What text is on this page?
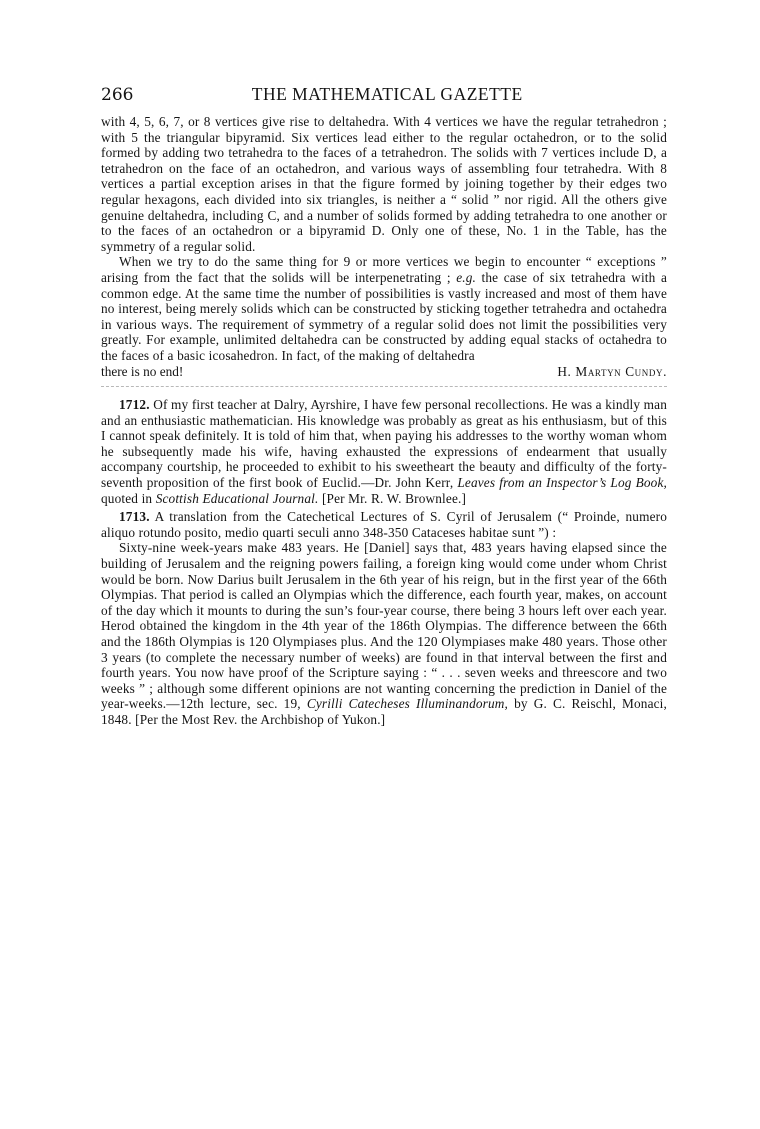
266	THE MATHEMATICAL GAZETTE

with 4, 5, 6, 7, or 8 vertices give rise to deltahedra. With 4 vertices we have the regular tetrahedron ; with 5 the triangular bipyramid. Six vertices lead either to the regular octahedron, or to the solid formed by adding two tetrahedra to the faces of a tetrahedron. The solids with 7 vertices include D, a tetrahedron on the face of an octahedron, and various ways of assembling four tetrahedra. With 8 vertices a partial exception arises in that the figure formed by joining together by their edges two regular hexagons, each divided into six triangles, is neither a “ solid ” nor rigid. All the others give genuine deltahedra, including C, and a number of solids formed by adding tetrahedra to one another or to the faces of an octahedron or a bipyramid D. Only one of these, No. 1 in the Table, has the symmetry of a regular solid.

When we try to do the same thing for 9 or more vertices we begin to encounter “ exceptions ” arising from the fact that the solids will be interpenetrating ; e.g. the case of six tetrahedra with a common edge. At the same time the number of possibilities is vastly increased and most of them have no interest, being merely solids which can be constructed by sticking together tetrahedra and octahedra in various ways. The requirement of symmetry of a regular solid does not limit the possibilities very greatly. For example, unlimited deltahedra can be constructed by adding equal stacks of octahedra to the faces of a basic icosahedron. In fact, of the making of deltahedra

there is no end!	H. Martyn Cundy.

1712. Of my first teacher at Dalry, Ayrshire, I have few personal recollections. He was a kindly man and an enthusiastic mathematician. His knowledge was probably as great as his enthusiasm, but of this I cannot speak definitely. It is told of him that, when paying his addresses to the worthy woman whom he subsequently made his wife, having exhausted the expressions of endearment that usually accompany courtship, he proceeded to exhibit to his sweetheart the beauty and difficulty of the forty-seventh proposition of the first book of Euclid.—Dr. John Kerr, Leaves from an Inspector’s Log Book, quoted in Scottish Educational Journal. [Per Mr. R. W. Brownlee.]

1713. A translation from the Catechetical Lectures of S. Cyril of Jerusalem (“ Proinde, numero aliquo rotundo posito, medio quarti seculi anno 348-350 Cataceses habitae sunt ”) :

Sixty-nine week-years make 483 years. He [Daniel] says that, 483 years having elapsed since the building of Jerusalem and the reigning powers failing, a foreign king would come under whom Christ would be born. Now Darius built Jerusalem in the 6th year of his reign, but in the first year of the 66th Olympias. That period is called an Olympias which the difference, each fourth year, makes, on account of the day which it mounts to during the sun’s four-year course, there being 3 hours left over each year. Herod obtained the kingdom in the 4th year of the 186th Olympias. The difference between the 66th and the 186th Olympias is 120 Olympiases plus. And the 120 Olympiases make 480 years. Those other 3 years (to complete the necessary number of weeks) are found in that interval between the first and fourth years. You now have proof of the Scripture saying : “ . . . seven weeks and threescore and two weeks ” ; although some different opinions are not wanting concerning the prediction in Daniel of the year-weeks.—12th lecture, sec. 19, Cyrilli Catecheses Illuminandorum, by G. C. Reischl, Monaci, 1848. [Per the Most Rev. the Archbishop of Yukon.]
